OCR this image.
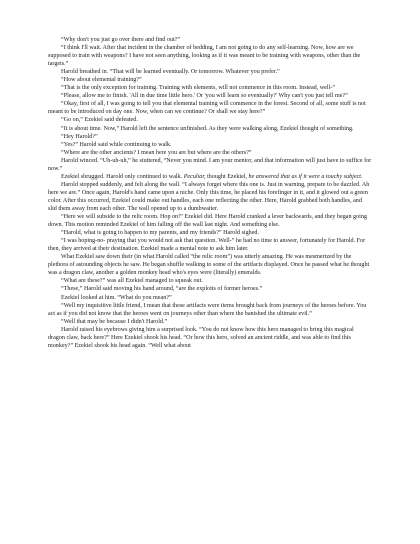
“Why don't you just go over there and find out?”

“I think I'll wait. After that incident in the chamber of bedding, I am not going to do any self-learning. Now, how are we supposed to train with weapons? I have not seen anything, looking as if it was meant to be training with weapons, other than the targets.”

Harold breathed in. “That will be learned eventually. Or tomorrow. Whatever you prefer.”

“How about elemental training?”

“That is the only exception for training. Training with elements, will not commence in this room. Instead, well-”

“Please, allow me to finish. 'All in due time little hero.' Or 'you will learn so eventually?' Why can't you just tell me?”

“Okay, first of all, I was going to tell you that elemental training will commence in the forest. Second of all, some stuff is not meant to be introduced on day one. Now, when can we continue? Or shall we stay here?”

“Go on,” Ezekiel said defeated.

“It is about time. Now,” Harold left the sentence unfinished. As they were walking along, Ezekiel thought of something.

“Hey Harold?”

“Yes?” Harold said while continuing to walk.

“Where are the other ancients? I mean here you are but where are the others?”

Harold winced. “Uh-uh-uh,” he stuttered, “Never you mind. I am your mentor, and that information will just have to suffice for now.”

Ezekiel shrugged. Harold only continued to walk. Peculiar, thought Ezekiel, he answered that as if it were a touchy subject.

Harold stopped suddenly, and felt along the wall. “I always forget where this one is. Just in warning, prepare to be dazzled. Ah here we are.” Once again, Harold's hand came upon a niche. Only this time, he placed his forefinger in it, and it glowed out a green color. After this occurred, Ezekiel could make out handles, each one reflecting the other. Here, Harold grabbed both handles, and slid them away from each other. The wall opened up to a dumbwaiter.

“Here we will subside to the relic room. Hop on!” Ezekiel did. Here Harold cranked a lever backwards, and they began going down. This motion reminded Ezekiel of him falling off the wall last night. And something else.

“Harold, what is going to happen to my parents, and my friends?” Harold sighed.

“I was hoping-no- praying that you would not ask that question. Well-” he had no time to answer, fortunately for Harold. For then, they arrived at their destination. Ezekiel made a mental note to ask him later.

What Ezekiel saw down their (in what Harold called “the relic room”) was utterly amazing. He was mesmerized by the plethora of astounding objects he saw. He began shuffle walking to some of the artifacts displayed. Once he passed what he thought was a dragon claw, another a golden monkey head who's eyes were (literally) emeralds.

“What are these?” was all Ezekiel managed to squeak out.

“These,” Harold said moving his hand around, “are the exploits of former heroes.”

Ezekiel looked at him. “What do you mean?”

“Well my inquisitive little friend, I mean that these artifacts were items brought back from journeys of the heroes before. You act as if you did not know that the heroes went on journeys other than where the banished the ultimate evil.”

“Well that may be because I didn't Harold.”

Harold raised his eyebrows giving him a surprised look. “You do not know how this hero managed to bring this magical dragon claw, back here?” Here Ezekiel shook his head. “Or how this hero, solved an ancient riddle, and was able to find this monkey?” Ezekiel shook his head again. “Well what about
